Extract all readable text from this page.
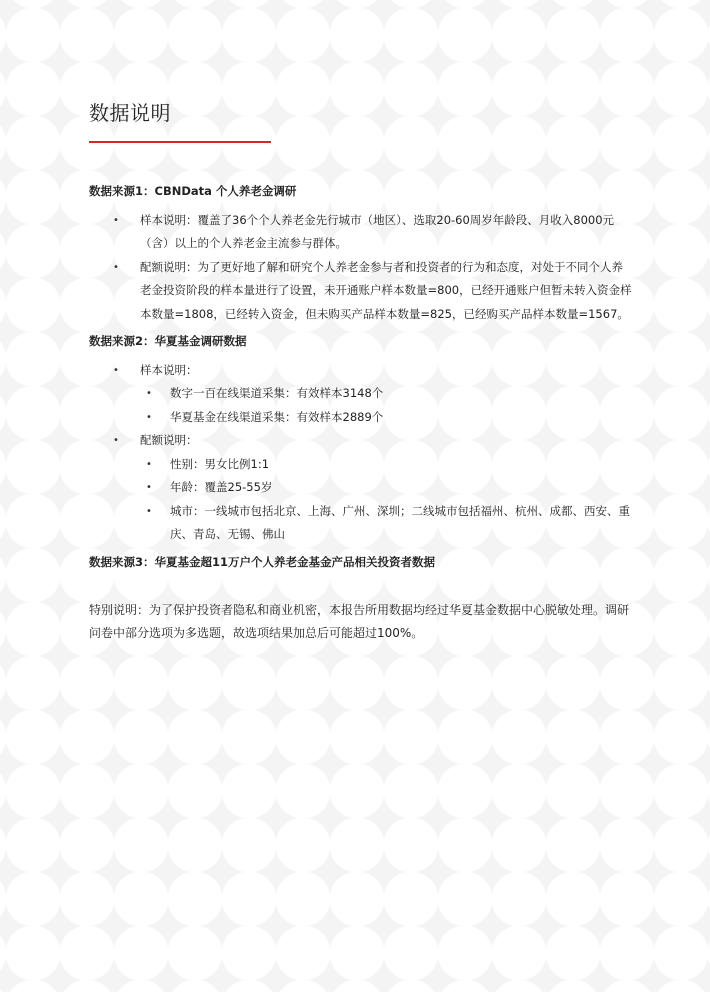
数据说明

数据来源1：CBNData 个人养老金调研

• 样本说明：覆盖了36个个人养老金先行城市（地区）、选取20-60周岁年龄段、月收入8000元（含）以上的个人养老金主流参与群体。
• 配额说明：为了更好地了解和研究个人养老金参与者和投资者的行为和态度，对处于不同个人养老金投资阶段的样本量进行了设置，未开通账户样本数量=800，已经开通账户但暂未转入资金样本数量=1808，已经转入资金，但未购买产品样本数量=825，已经购买产品样本数量=1567。

数据来源2：华夏基金调研数据

• 样本说明：
• 数字一百在线渠道采集：有效样本3148个
• 华夏基金在线渠道采集：有效样本2889个
• 配额说明：
• 性别：男女比例1:1
• 年龄：覆盖25-55岁
• 城市：一线城市包括北京、上海、广州、深圳；二线城市包括福州、杭州、成都、西安、重庆、青岛、无锡、佛山

数据来源3：华夏基金超11万户个人养老金基金产品相关投资者数据

特别说明：为了保护投资者隐私和商业机密，本报告所用数据均经过华夏基金数据中心脱敏处理。调研问卷中部分选项为多选题，故选项结果加总后可能超过100%。
